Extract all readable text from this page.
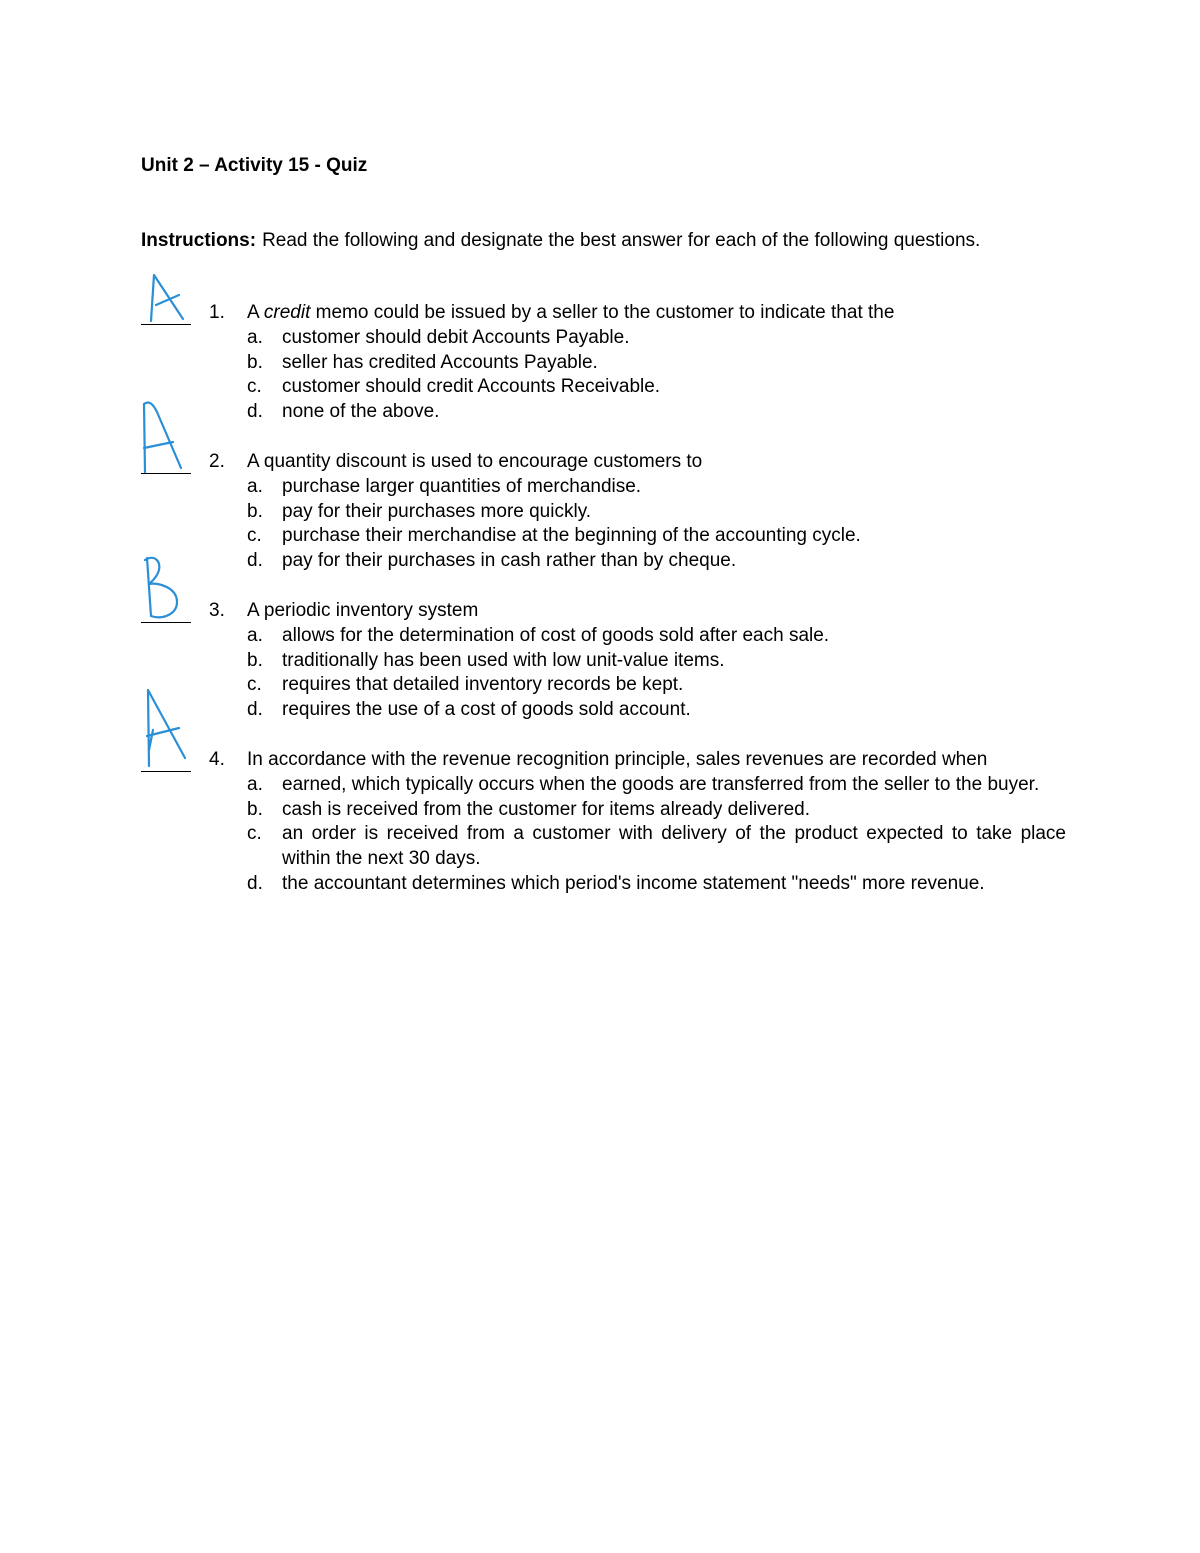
Unit 2 – Activity 15 - Quiz

Instructions: Read the following and designate the best answer for each of the following questions.

1. A credit memo could be issued by a seller to the customer to indicate that the
a. customer should debit Accounts Payable.
b. seller has credited Accounts Payable.
c. customer should credit Accounts Receivable.
d. none of the above.
2. A quantity discount is used to encourage customers to
a. purchase larger quantities of merchandise.
b. pay for their purchases more quickly.
c. purchase their merchandise at the beginning of the accounting cycle.
d. pay for their purchases in cash rather than by cheque.
3. A periodic inventory system
a. allows for the determination of cost of goods sold after each sale.
b. traditionally has been used with low unit-value items.
c. requires that detailed inventory records be kept.
d. requires the use of a cost of goods sold account.
4. In accordance with the revenue recognition principle, sales revenues are recorded when
a. earned, which typically occurs when the goods are transferred from the seller to the buyer.
b. cash is received from the customer for items already delivered.
c. an order is received from a customer with delivery of the product expected to take place within the next 30 days.
d. the accountant determines which period's income statement "needs" more revenue.
